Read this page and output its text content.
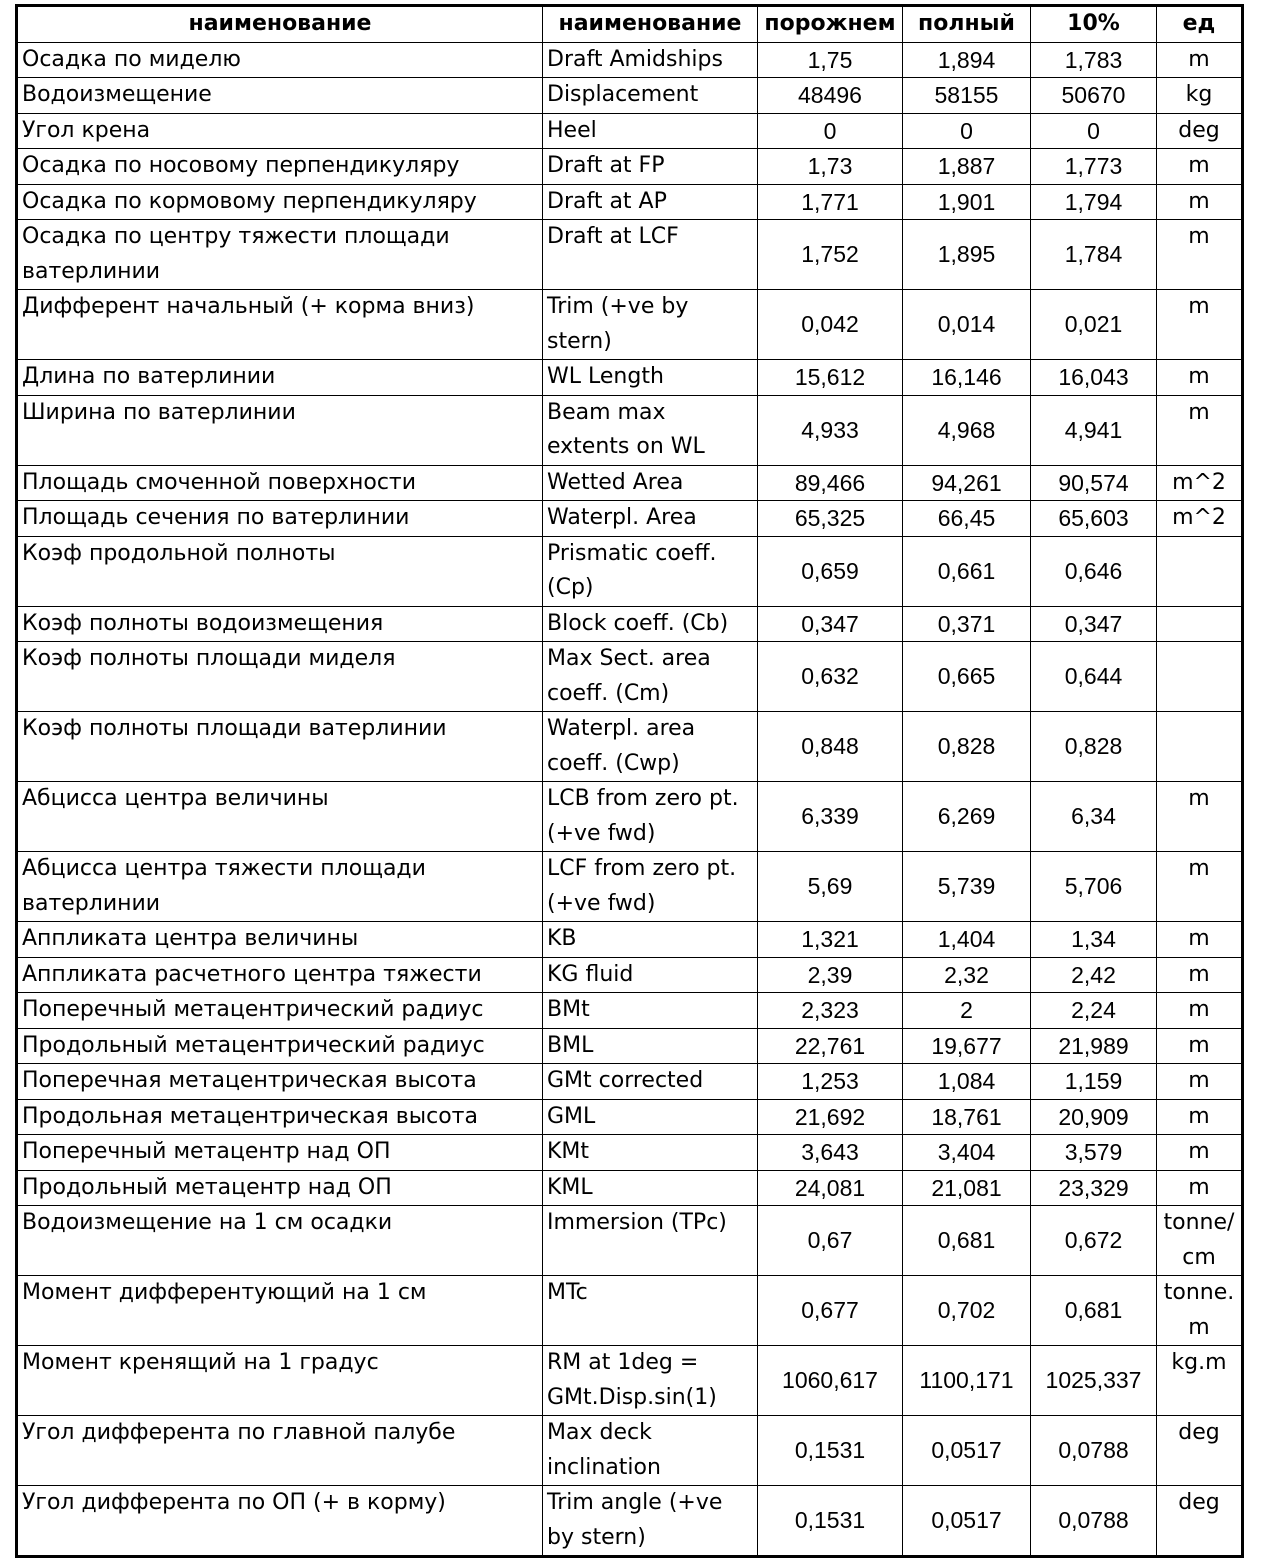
наименование	наименование	порожнем	полный	10%	ед
Осадка по миделю	Draft Amidships	1,75	1,894	1,783	m
Водоизмещение	Displacement	48496	58155	50670	kg
Угол крена	Heel	0	0	0	deg
Осадка по носовому перпендикуляру	Draft at FP	1,73	1,887	1,773	m
Осадка по кормовому перпендикуляру	Draft at AP	1,771	1,901	1,794	m
Осадка по центру тяжести площади ватерлинии	Draft at LCF	1,752	1,895	1,784	m
Дифферент начальный (+ корма вниз)	Trim (+ve by stern)	0,042	0,014	0,021	m
Длина по ватерлинии	WL Length	15,612	16,146	16,043	m
Ширина по ватерлинии	Beam max extents on WL	4,933	4,968	4,941	m
Площадь смоченной поверхности	Wetted Area	89,466	94,261	90,574	m^2
Площадь сечения по ватерлинии	Waterpl. Area	65,325	66,45	65,603	m^2
Коэф продольной полноты	Prismatic coeff. (Cp)	0,659	0,661	0,646	
Коэф полноты водоизмещения	Block coeff. (Cb)	0,347	0,371	0,347	
Коэф полноты площади миделя	Max Sect. area coeff. (Cm)	0,632	0,665	0,644	
Коэф полноты площади ватерлинии	Waterpl. area coeff. (Cwp)	0,848	0,828	0,828	
Абцисса центра величины	LCB from zero pt. (+ve fwd)	6,339	6,269	6,34	m
Абцисса центра тяжести площади ватерлинии	LCF from zero pt. (+ve fwd)	5,69	5,739	5,706	m
Аппликата центра величины	KB	1,321	1,404	1,34	m
Аппликата расчетного центра тяжести	KG fluid	2,39	2,32	2,42	m
Поперечный метацентрический радиус	BMt	2,323	2	2,24	m
Продольный метацентрический радиус	BML	22,761	19,677	21,989	m
Поперечная метацентрическая высота	GMt corrected	1,253	1,084	1,159	m
Продольная метацентрическая высота	GML	21,692	18,761	20,909	m
Поперечный метацентр над ОП	KMt	3,643	3,404	3,579	m
Продольный метацентр над ОП	KML	24,081	21,081	23,329	m
Водоизмещение на 1 см осадки	Immersion (TPc)	0,67	0,681	0,672	tonne/ cm
Момент дифферентующий на 1 см	MTc	0,677	0,702	0,681	tonne. m
Момент кренящий на 1 градус	RM at 1deg = GMt.Disp.sin(1)	1060,617	1100,171	1025,337	kg.m
Угол дифферента по главной палубе	Max deck inclination	0,1531	0,0517	0,0788	deg
Угол дифферента по ОП (+ в корму)	Trim angle (+ve by stern)	0,1531	0,0517	0,0788	deg
